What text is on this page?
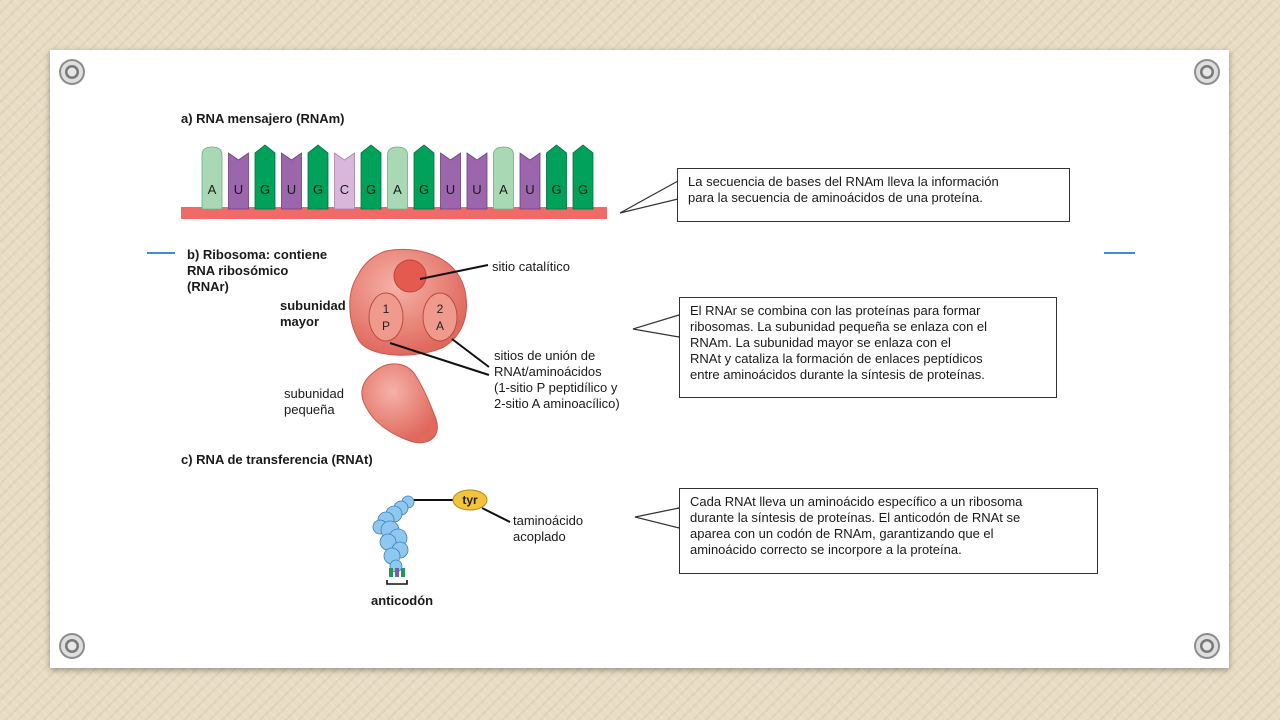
a) RNA mensajero (RNAm)
A U G U G C G A G U U A U G G
La secuencia de bases del RNAm lleva la información
para la secuencia de aminoácidos de una proteína.
b) Ribosoma: contiene
RNA ribosómico
(RNAr)
1
P
2
A
sitio catalítico
subunidad
mayor
subunidad
pequeña
sitios de unión de
RNAt/aminoácidos
(1-sitio P peptidílico y
2-sitio A aminoacílico)
El RNAr se combina con las proteínas para formar
ribosomas. La subunidad pequeña se enlaza con el
RNAm. La subunidad mayor se enlaza con el
RNAt y cataliza la formación de enlaces peptídicos
entre aminoácidos durante la síntesis de proteínas.
c) RNA de transferencia (RNAt)
tyr
taminoácido
acoplado
anticodón
Cada RNAt lleva un aminoácido específico a un ribosoma
durante la síntesis de proteínas. El anticodón de RNAt se
aparea con un codón de RNAm, garantizando que el
aminoácido correcto se incorpore a la proteína.
